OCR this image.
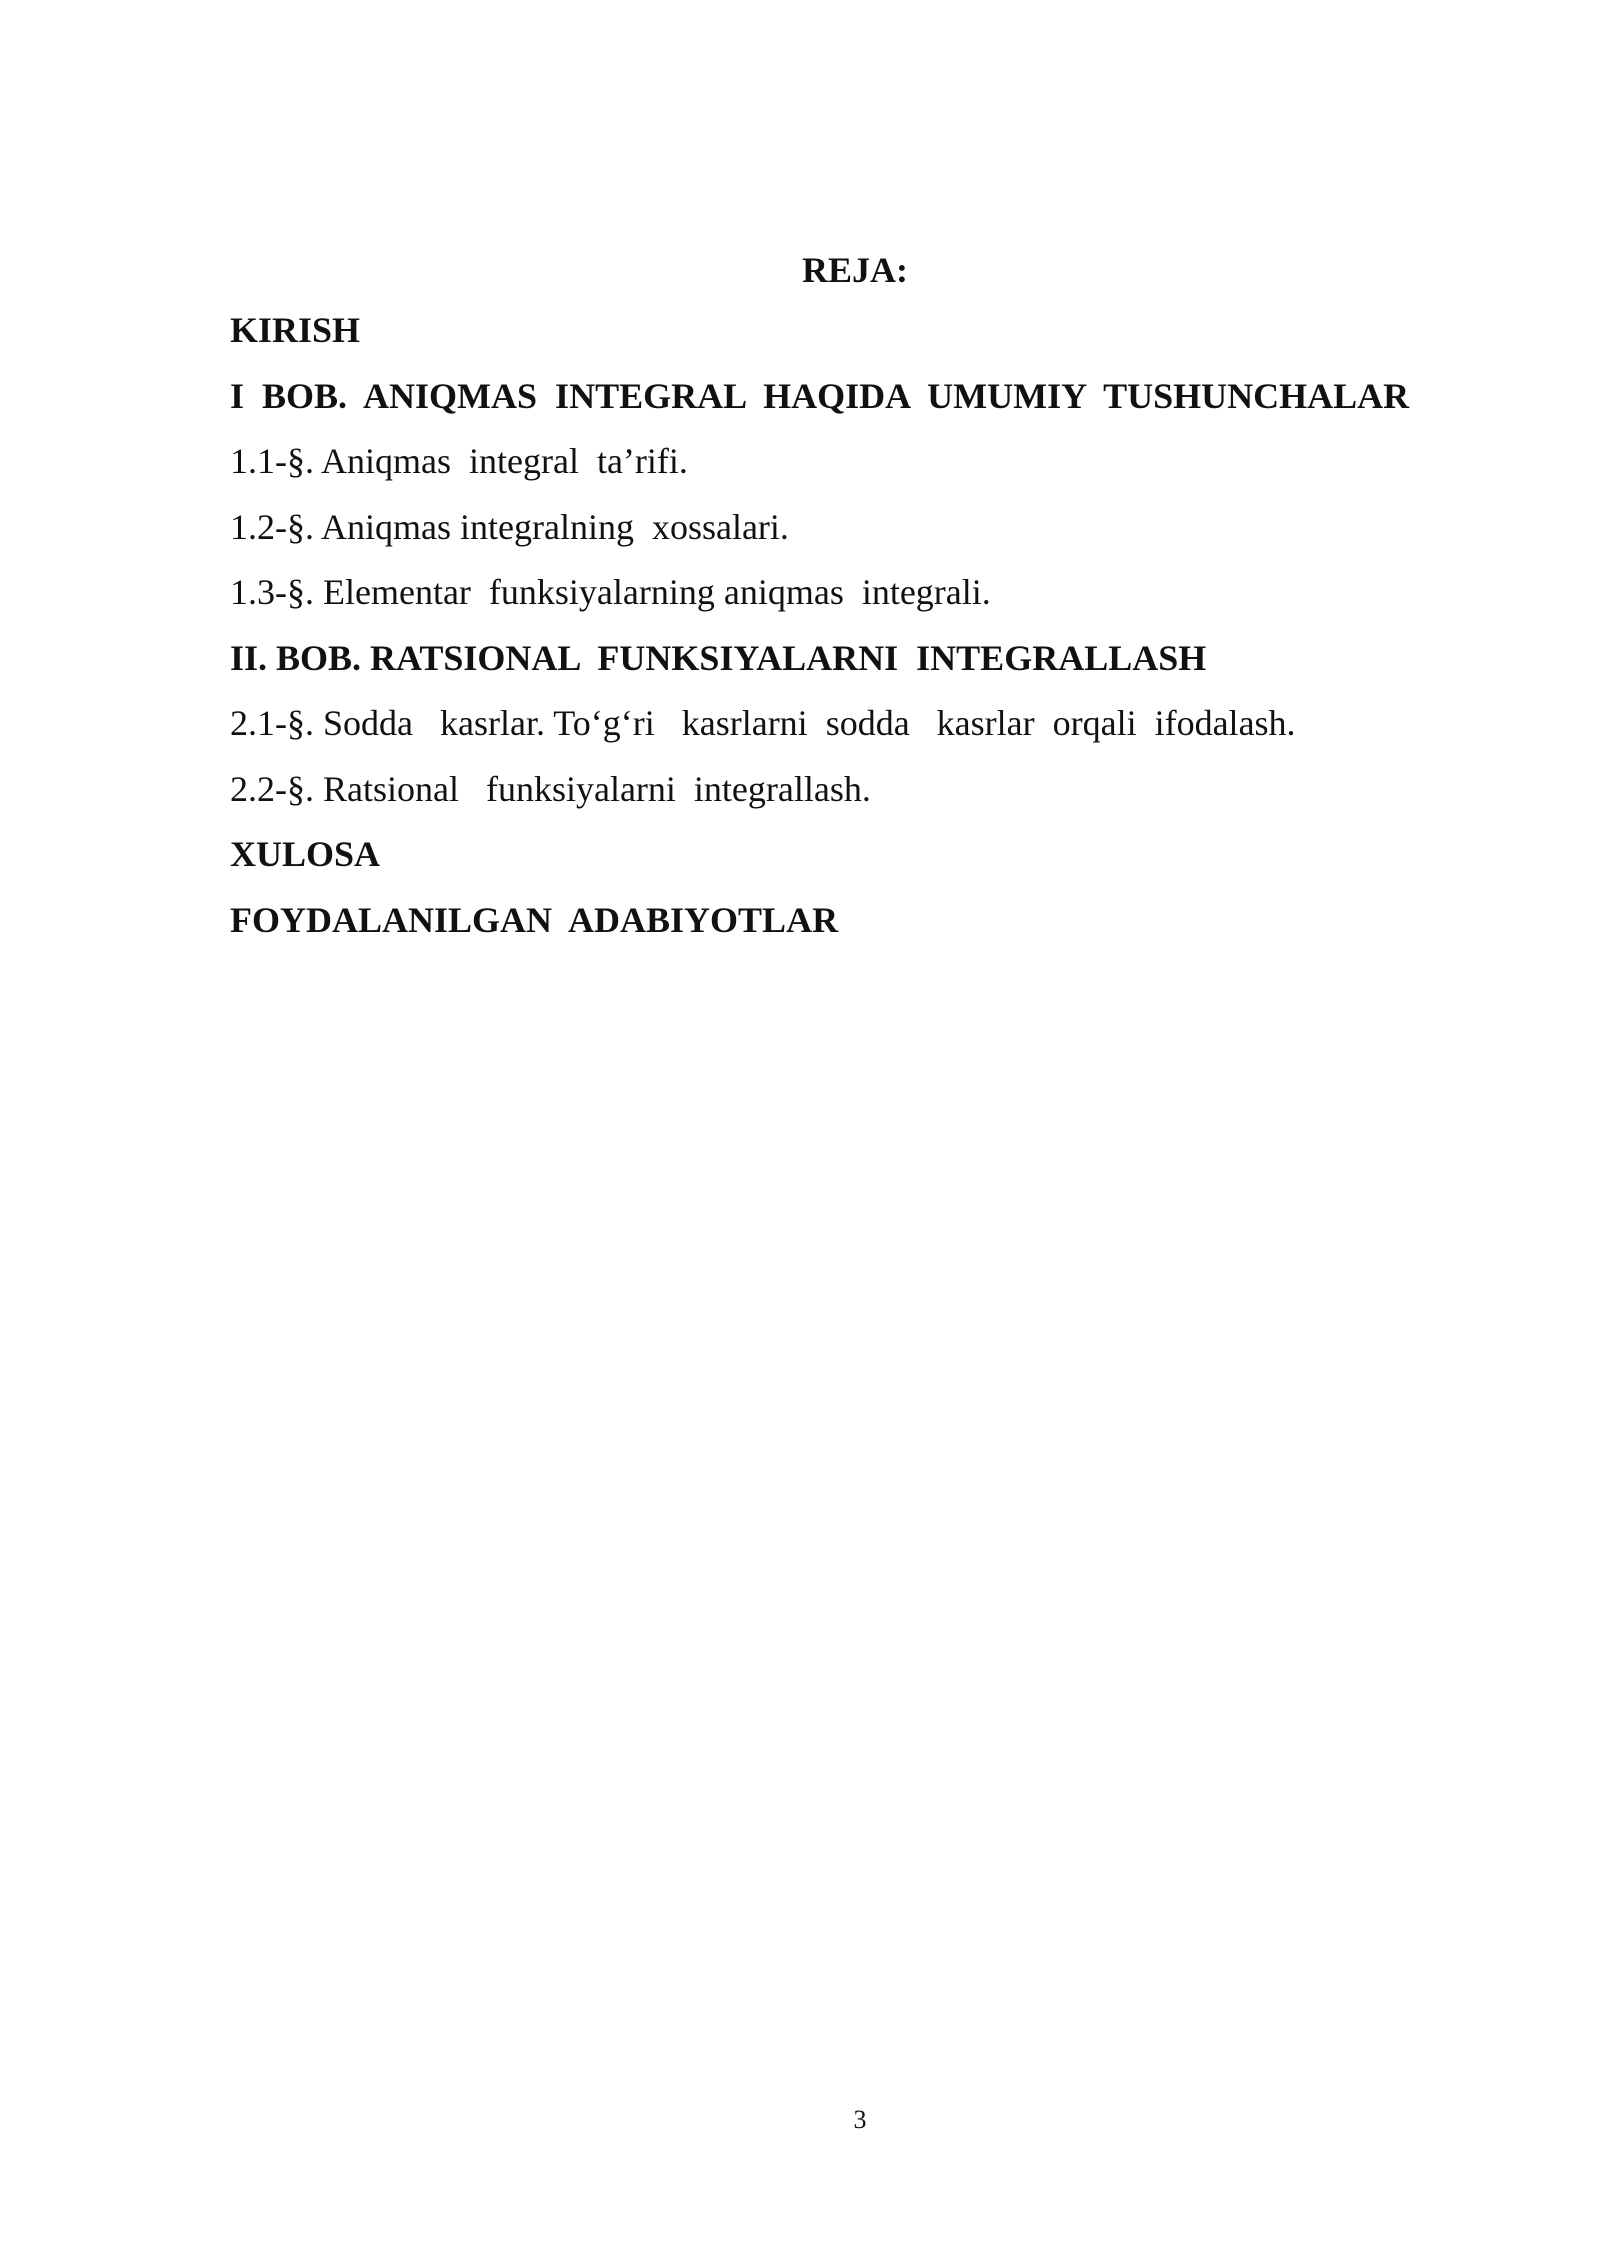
REJA:
KIRISH
I  BOB.  ANIQMAS  INTEGRAL  HAQIDA  UMUMIY  TUSHUNCHALAR
1.1-§. Aniqmas  integral  ta’rifi.
1.2-§. Aniqmas integralning  xossalari.
1.3-§. Elementar  funksiyalarning aniqmas  integrali.
II. BOB. RATSIONAL  FUNKSIYALARNI  INTEGRALLASH
2.1-§. Sodda   kasrlar. To‘g‘ri   kasrlarni  sodda   kasrlar  orqali  ifodalash.
2.2-§. Ratsional   funksiyalarni  integrallash.
XULOSA
FOYDALANILGAN  ADABIYOTLAR
3
